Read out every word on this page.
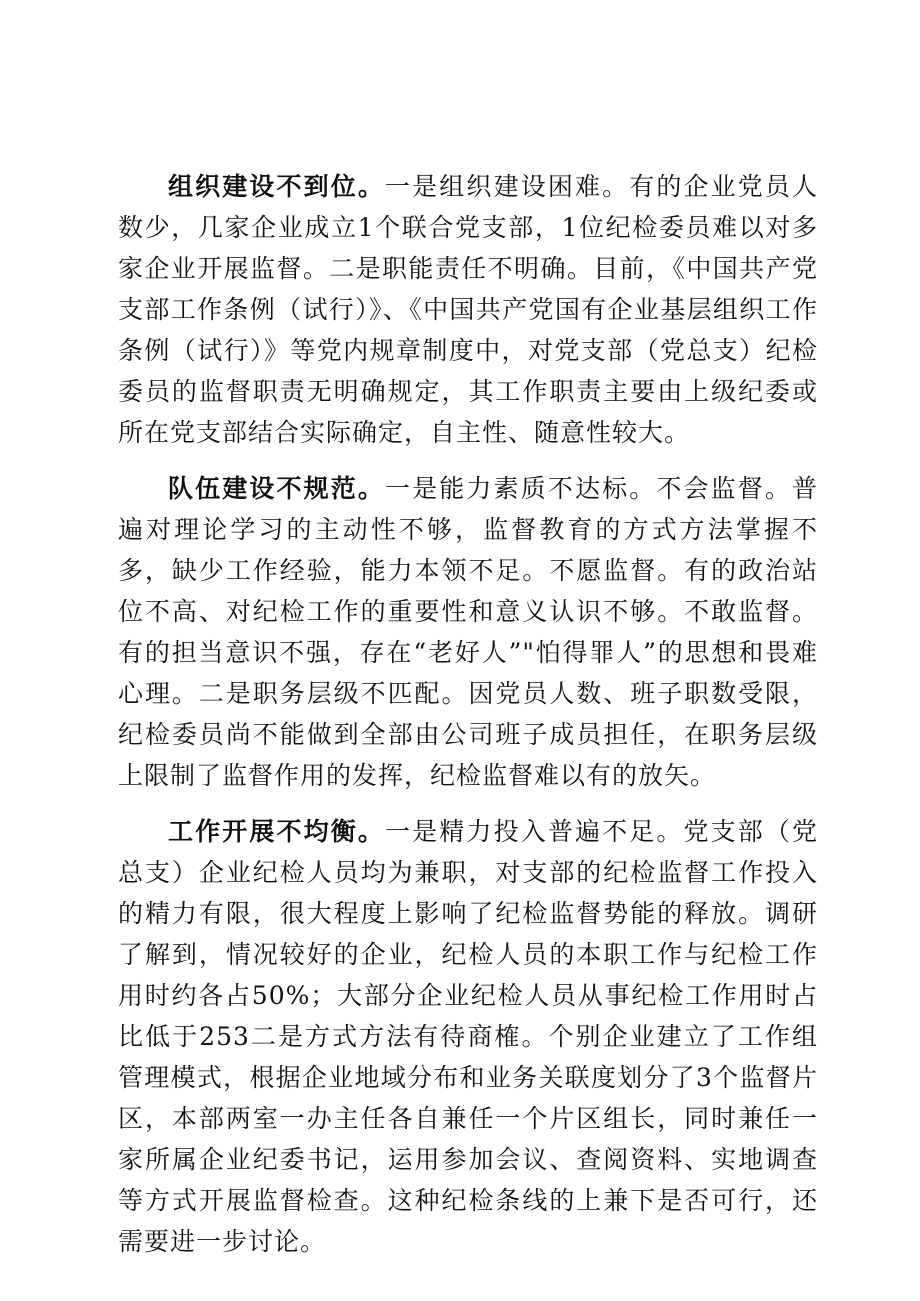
组织建设不到位。一是组织建设困难。有的企业党员人数少，几家企业成立1个联合党支部，1位纪检委员难以对多家企业开展监督。二是职能责任不明确。目前，《中国共产党支部工作条例（试行）》、《中国共产党国有企业基层组织工作条例（试行）》等党内规章制度中，对党支部（党总支）纪检委员的监督职责无明确规定，其工作职责主要由上级纪委或所在党支部结合实际确定，自主性、随意性较大。

队伍建设不规范。一是能力素质不达标。不会监督。普遍对理论学习的主动性不够，监督教育的方式方法掌握不多，缺少工作经验，能力本领不足。不愿监督。有的政治站位不高、对纪检工作的重要性和意义认识不够。不敢监督。有的担当意识不强，存在“老好人”"怕得罪人”的思想和畏难心理。二是职务层级不匹配。因党员人数、班子职数受限，纪检委员尚不能做到全部由公司班子成员担任，在职务层级上限制了监督作用的发挥，纪检监督难以有的放矢。

工作开展不均衡。一是精力投入普遍不足。党支部（党总支）企业纪检人员均为兼职，对支部的纪检监督工作投入的精力有限，很大程度上影响了纪检监督势能的释放。调研了解到，情况较好的企业，纪检人员的本职工作与纪检工作用时约各占50%；大部分企业纪检人员从事纪检工作用时占比低于253二是方式方法有待商榷。个别企业建立了工作组管理模式，根据企业地域分布和业务关联度划分了3个监督片区，本部两室一办主任各自兼任一个片区组长，同时兼任一家所属企业纪委书记，运用参加会议、查阅资料、实地调查等方式开展监督检查。这种纪检条线的上兼下是否可行，还需要进一步讨论。
